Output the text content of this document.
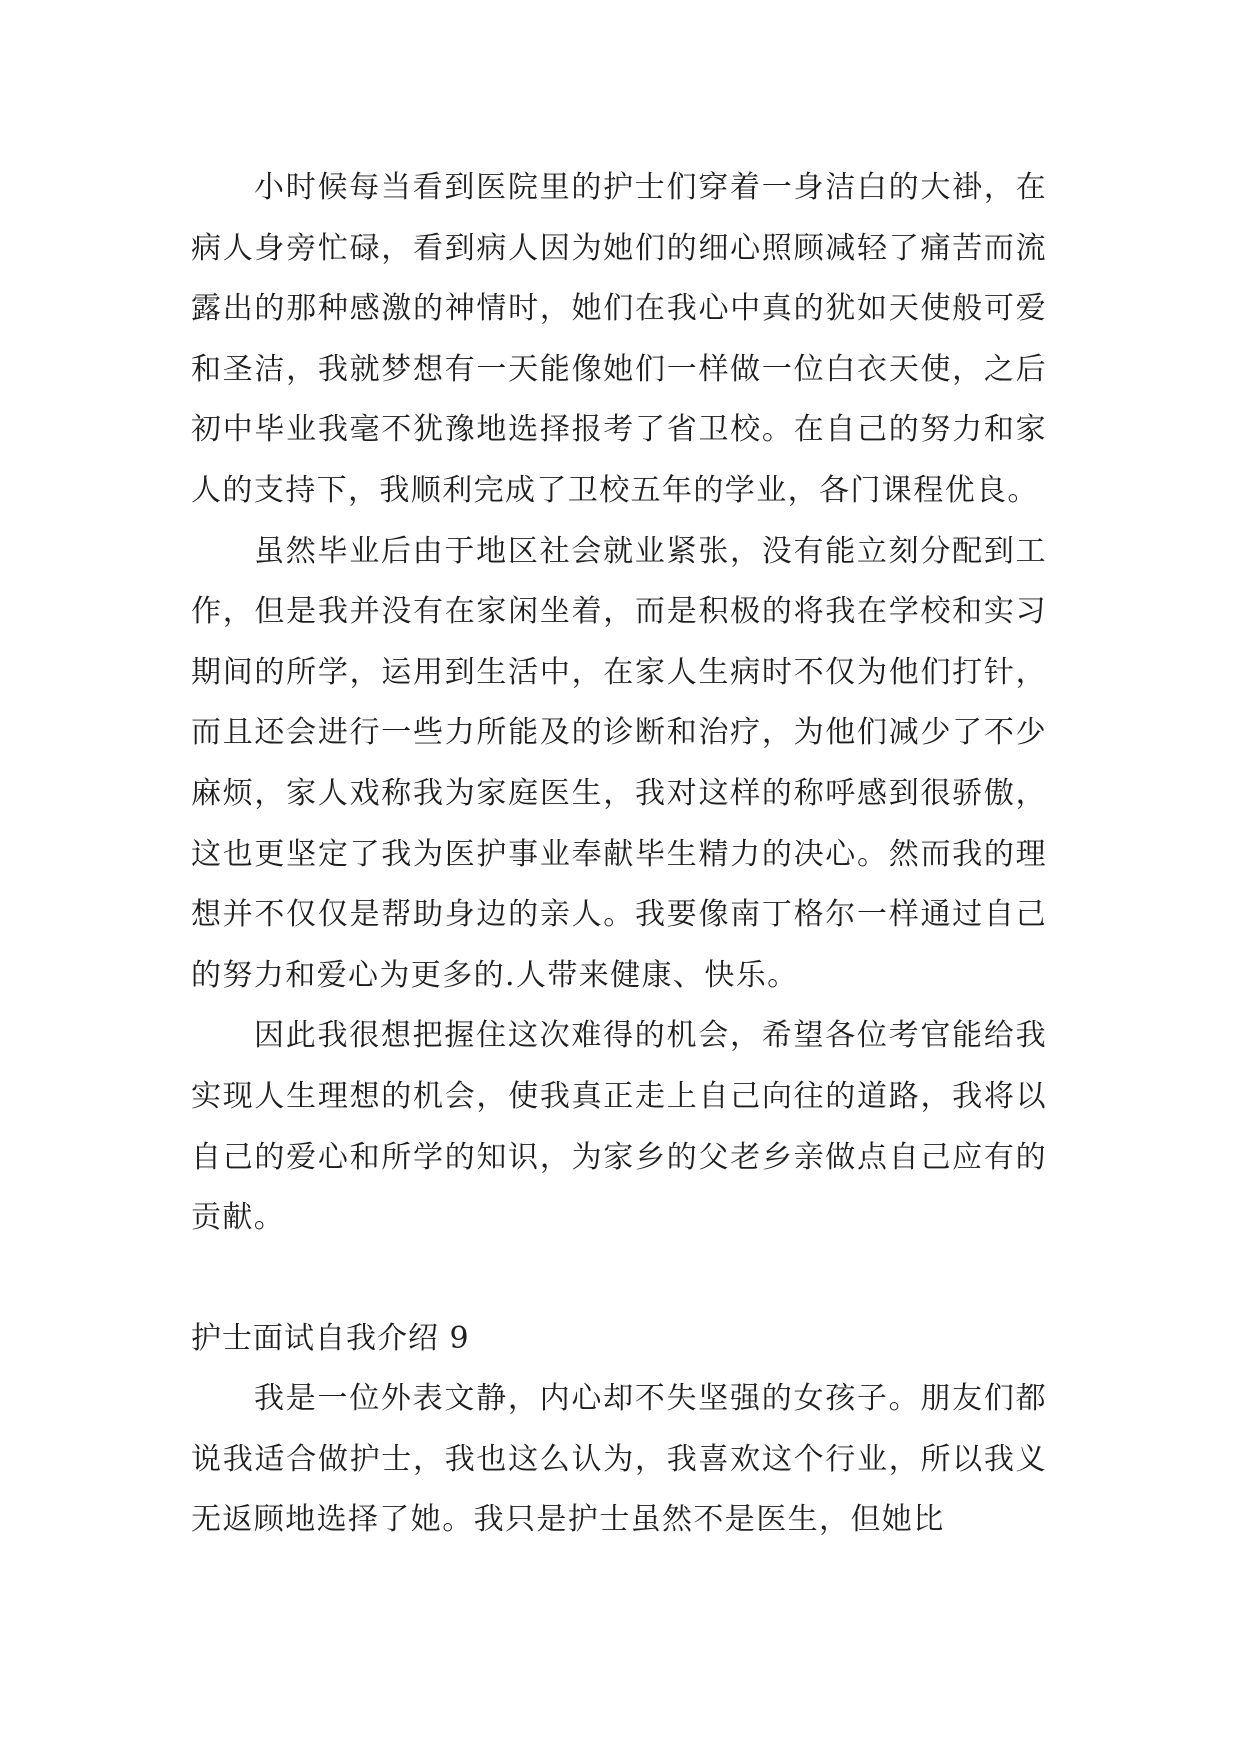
小时候每当看到医院里的护士们穿着一身洁白的大褂，在病人身旁忙碌，看到病人因为她们的细心照顾减轻了痛苦而流露出的那种感激的神情时，她们在我心中真的犹如天使般可爱和圣洁，我就梦想有一天能像她们一样做一位白衣天使，之后初中毕业我毫不犹豫地选择报考了省卫校。在自己的努力和家人的支持下，我顺利完成了卫校五年的学业，各门课程优良。

虽然毕业后由于地区社会就业紧张，没有能立刻分配到工作，但是我并没有在家闲坐着，而是积极的将我在学校和实习期间的所学，运用到生活中，在家人生病时不仅为他们打针，而且还会进行一些力所能及的诊断和治疗，为他们减少了不少麻烦，家人戏称我为家庭医生，我对这样的称呼感到很骄傲，这也更坚定了我为医护事业奉献毕生精力的决心。然而我的理想并不仅仅是帮助身边的亲人。我要像南丁格尔一样通过自己的努力和爱心为更多的.人带来健康、快乐。

因此我很想把握住这次难得的机会，希望各位考官能给我实现人生理想的机会，使我真正走上自己向往的道路，我将以自己的爱心和所学的知识，为家乡的父老乡亲做点自己应有的贡献。

护士面试自我介绍 9

我是一位外表文静，内心却不失坚强的女孩子。朋友们都说我适合做护士，我也这么认为，我喜欢这个行业，所以我义无返顾地选择了她。我只是护士虽然不是医生，但她比
